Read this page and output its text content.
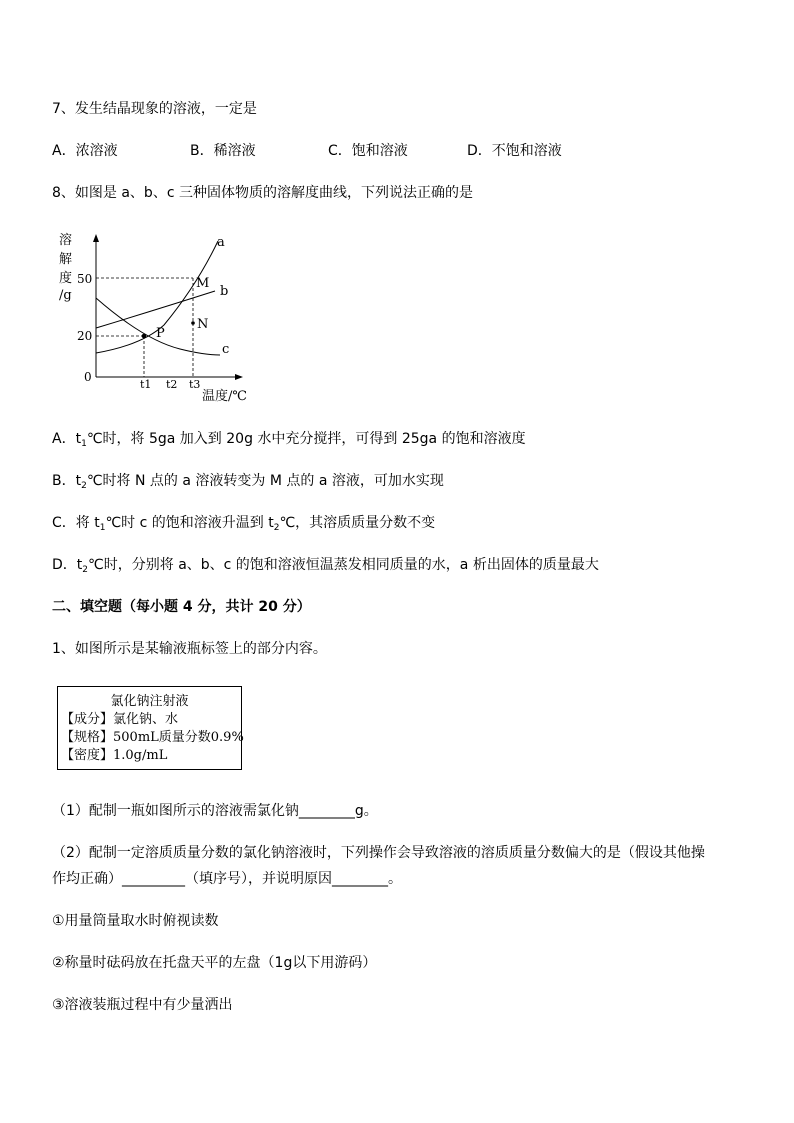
7、发生结晶现象的溶液，一定是
A．浓溶液	B．稀溶液	C．饱和溶液	D．不饱和溶液
8、如图是 a、b、c 三种固体物质的溶解度曲线，下列说法正确的是
溶
解
度
/g
50
20
0
a
b
c
M
N
P
t1 t2 t3
温度/℃
A．$t_1℃$时，将 5ga 加入到 20g 水中充分搅拌，可得到 25ga 的饱和溶液度
B．$t_2℃$时将 N 点的 a 溶液转变为 M 点的 a 溶液，可加水实现
C．将 $t_1℃$时 c 的饱和溶液升温到 $t_2℃$，其溶质质量分数不变
D．$t_2℃$时，分别将 a、b、c 的饱和溶液恒温蒸发相同质量的水，a 析出固体的质量最大
二、填空题（每小题 4 分，共计 20 分）
1、如图所示是某输液瓶标签上的部分内容。
氯化钠注射液
【成分】氯化钠、水
【规格】500mL质量分数0.9%
【密度】1.0g/mL
（1）配制一瓶如图所示的溶液需氯化钠________g。
（2）配制一定溶质质量分数的氯化钠溶液时，下列操作会导致溶液的溶质质量分数偏大的是（假设其他操
作均正确）_________（填序号），并说明原因________。
①用量筒量取水时俯视读数
②称量时砝码放在托盘天平的左盘（1g以下用游码）
③溶液装瓶过程中有少量洒出
